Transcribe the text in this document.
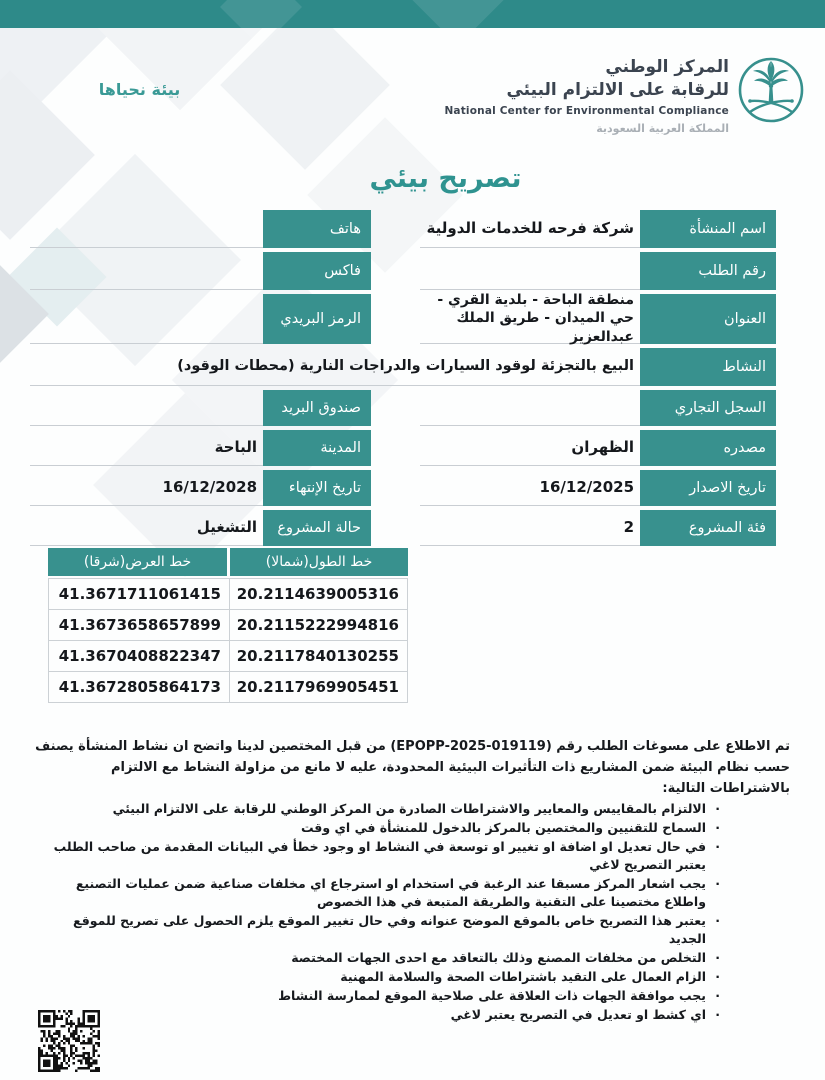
بيئة نحياها
المركز الوطني
للرقابة على الالتزام البيئي
National Center for Environmental Compliance
المملكة العربية السعودية
تصريح بيئي
اسم المنشأة
شركة فرحه للخدمات الدولية
هاتف
رقم الطلب
فاكس
العنوان
منطقة الباحة - بلدية القري - حي الميدان - طريق الملك عبدالعزيز
الرمز البريدي
النشاط
البيع بالتجزئة لوقود السيارات والدراجات النارية (محطات الوقود)
السجل التجاري
صندوق البريد
مصدره
الظهران
المدينة
الباحة
تاريخ الاصدار
16/12/2025
تاريخ الإنتهاء
16/12/2028
فئة المشروع
2
حالة المشروع
التشغيل
خط الطول(شمالا)
خط العرض(شرقا)
20.2114639005316
41.3671711061415
20.2115222994816
41.3673658657899
20.2117840130255
41.3670408822347
20.2117969905451
41.3672805864173
تم الاطلاع على مسوغات الطلب رقم (EPOPP-2025-019119) من قبل المختصين لدينا واتضح ان نشاط المنشأة يصنف حسب نظام البيئة ضمن المشاريع ذات التأثيرات البيئية المحدودة، عليه لا مانع من مزاولة النشاط مع الالتزام بالاشتراطات التالية:
· الالتزام بالمقاييس والمعايير والاشتراطات الصادرة من المركز الوطني للرقابة على الالتزام البيئي
· السماح للتقنيين والمختصين بالمركز بالدخول للمنشأة في اي وقت
· في حال تعديل او اضافة او تغيير او توسعة في النشاط او وجود خطأ في البيانات المقدمة من صاحب الطلب يعتبر التصريح لاغي
· يجب اشعار المركز مسبقا عند الرغبة في استخدام او استرجاع اي مخلفات صناعية ضمن عمليات التصنيع واطلاع مختصينا على التقنية والطريقة المتبعة في هذا الخصوص
· يعتبر هذا التصريح خاص بالموقع الموضح عنوانه وفي حال تغيير الموقع يلزم الحصول على تصريح للموقع الجديد
· التخلص من مخلفات المصنع وذلك بالتعاقد مع احدى الجهات المختصة
· الزام العمال على التقيد باشتراطات الصحة والسلامة المهنية
· يجب موافقة الجهات ذات العلاقة على صلاحية الموقع لممارسة النشاط
· اي كشط او تعديل في التصريح يعتبر لاغي
